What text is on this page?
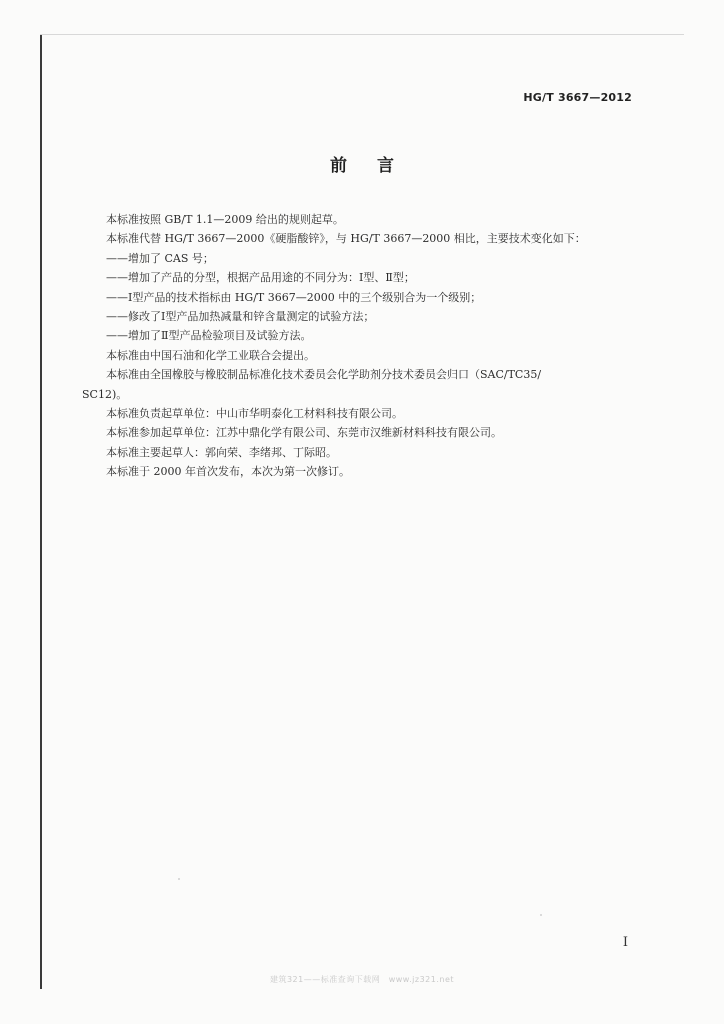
HG/T 3667—2012
前言

本标准按照 GB/T 1.1—2009 给出的规则起草。

本标准代替 HG/T 3667—2000《硬脂酸锌》，与 HG/T 3667—2000 相比，主要技术变化如下：

——增加了 CAS 号；

——增加了产品的分型，根据产品用途的不同分为：Ⅰ型、Ⅱ型；

——Ⅰ型产品的技术指标由 HG/T 3667—2000 中的三个级别合为一个级别；

——修改了Ⅰ型产品加热减量和锌含量测定的试验方法；

——增加了Ⅱ型产品检验项目及试验方法。

本标准由中国石油和化学工业联合会提出。

本标准由全国橡胶与橡胶制品标准化技术委员会化学助剂分技术委员会归口（SAC/TC35/

SC12)。

本标准负责起草单位：中山市华明泰化工材料科技有限公司。

本标准参加起草单位：江苏中鼎化学有限公司、东莞市汉维新材料科技有限公司。

本标准主要起草人：郭向荣、李绪邦、丁际昭。

本标准于 2000 年首次发布，本次为第一次修订。

I
建筑321——标准查询下载网　www.jz321.net
